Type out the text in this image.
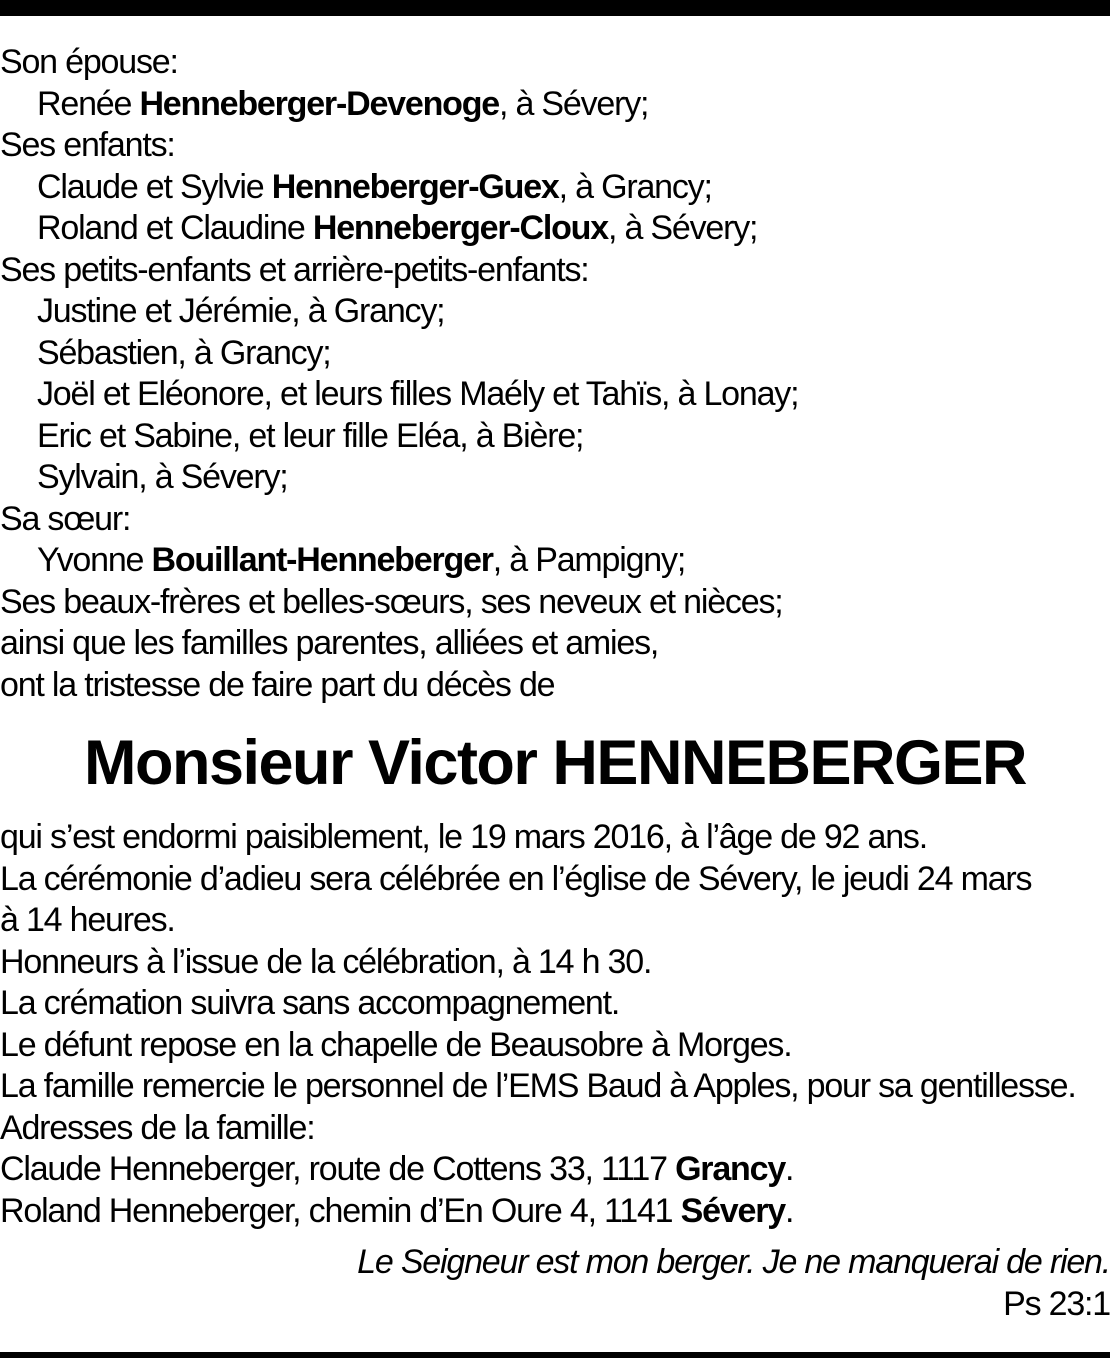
Son épouse:
Renée Henneberger-Devenoge, à Sévery;
Ses enfants:
Claude et Sylvie Henneberger-Guex, à Grancy;
Roland et Claudine Henneberger-Cloux, à Sévery;
Ses petits-enfants et arrière-petits-enfants:
Justine et Jérémie, à Grancy;
Sébastien, à Grancy;
Joël et Eléonore, et leurs filles Maély et Tahïs, à Lonay;
Eric et Sabine, et leur fille Eléa, à Bière;
Sylvain, à Sévery;
Sa sœur:
Yvonne Bouillant-Henneberger, à Pampigny;
Ses beaux-frères et belles-sœurs, ses neveux et nièces;
ainsi que les familles parentes, alliées et amies,
ont la tristesse de faire part du décès de
Monsieur Victor HENNEBERGER
qui s’est endormi paisiblement, le 19 mars 2016, à l’âge de 92 ans.
La cérémonie d’adieu sera célébrée en l’église de Sévery, le jeudi 24 mars
à 14 heures.
Honneurs à l’issue de la célébration, à 14 h 30.
La crémation suivra sans accompagnement.
Le défunt repose en la chapelle de Beausobre à Morges.
La famille remercie le personnel de l’EMS Baud à Apples, pour sa gentillesse.
Adresses de la famille:
Claude Henneberger, route de Cottens 33, 1117 Grancy.
Roland Henneberger, chemin d’En Oure 4, 1141 Sévery.
Le Seigneur est mon berger. Je ne manquerai de rien.
Ps 23:1
